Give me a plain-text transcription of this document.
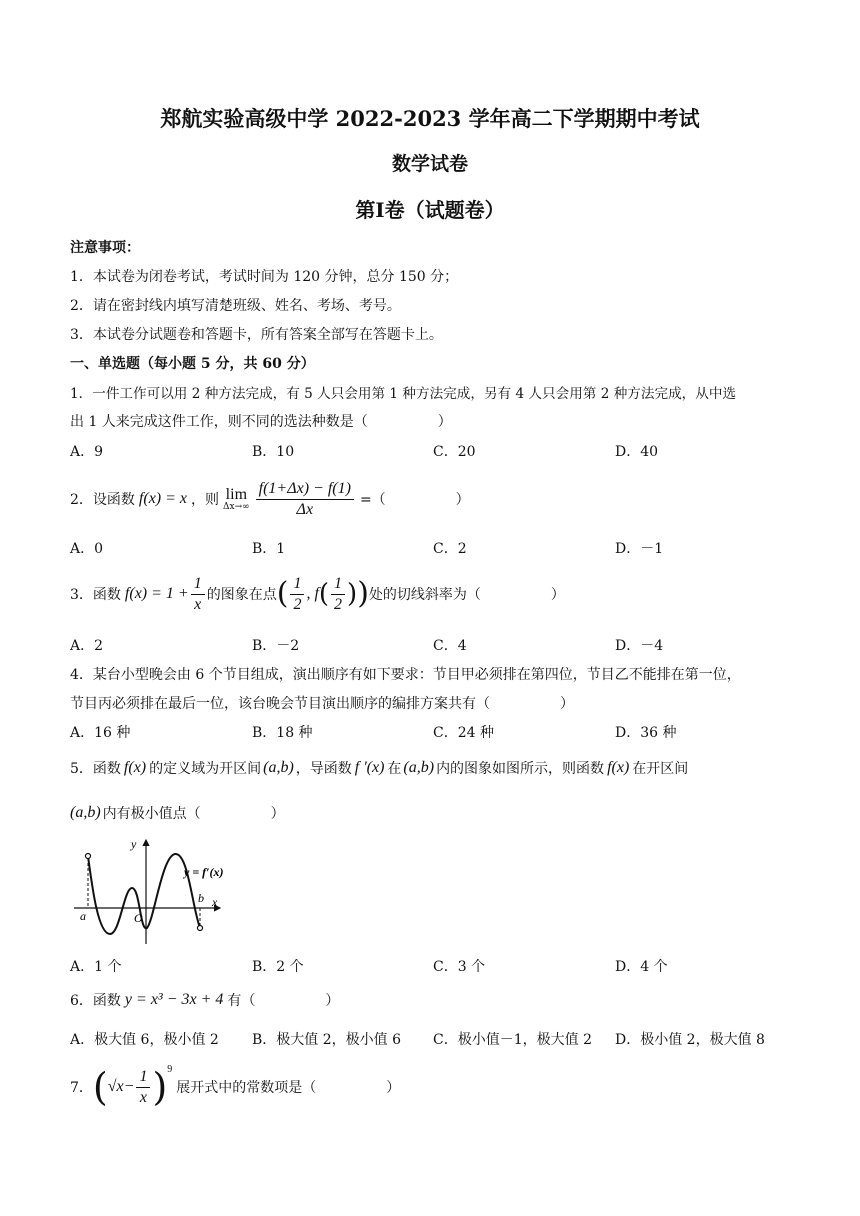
郑航实验高级中学 2022-2023 学年高二下学期期中考试
数学试卷
第Ⅰ卷（试题卷）
注意事项：
1．本试卷为闭卷考试，考试时间为 120 分钟，总分 150 分；
2．请在密封线内填写清楚班级、姓名、考场、考号。
3．本试卷分试题卷和答题卡，所有答案全部写在答题卡上。
一、单选题（每小题 5 分，共 60 分）
1．一件工作可以用 2 种方法完成，有 5 人只会用第 1 种方法完成，另有 4 人只会用第 2 种方法完成，从中选
出 1 人来完成这件工作，则不同的选法种数是（　　　　　）
A．9	B．10	C．20	D．40
2．设函数 f(x) = x ，则 lim
$\Delta x\to\infty \frac{f(1+\Delta x) - f(1)}{\Delta x}$ =（　　　　　）
A．0	B．1	C．2	D．－1
3．函数 $f(x) = 1 + \frac{1}{x}$ 的图象在点 ( $\frac{1}{2}$ , f ( $\frac{1}{2}$ ) ) 处的切线斜率为（　　　　　）
A．2	B．－2	C．4	D．－4
4．某台小型晚会由 6 个节目组成，演出顺序有如下要求：节目甲必须排在第四位，节目乙不能排在第一位，
节目丙必须排在最后一位，该台晚会节目演出顺序的编排方案共有（　　　　　）
A．16 种	B．18 种	C．24 种	D．36 种
5．函数 f(x) 的定义域为开区间 (a,b) ，导函数 f '(x) 在 (a,b) 内的图象如图所示，则函数 f(x) 在开区间
(a,b) 内有极小值点（　　　　　）
y
x
a
b
O
y = f′(x)
A．1 个	B．2 个	C．3 个	D．4 个
6．函数 y = x³ − 3x + 4 有（　　　　　）
A．极大值 6，极小值 2 B．极大值 2，极小值 6 C．极小值－1，极大值 2 D．极小值 2，极大值 8
7． ( $√x - \frac{1}{x}$ ) 9
展开式中的常数项是（　　　　　）
